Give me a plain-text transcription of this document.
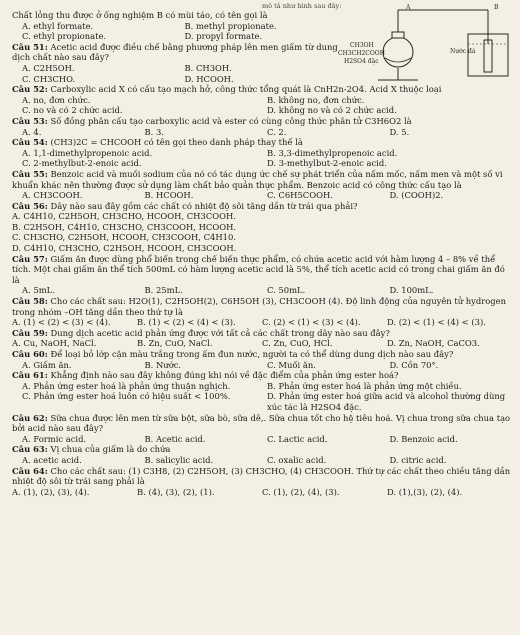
mô tả như hình sau đây:	A	B
CH3OH
CH3CH2COOH
H2SO4 đặc
Nước đá
Chất lỏng thu được ở ống nghiệm B có mùi táo, có tên gọi là
A. ethyl formate.	B. methyl propionate.
C. ethyl propionate.	D. propyl formate.
Câu 51: Acetic acid được điều chế bằng phương pháp lên men giấm từ dung dịch chất nào sau đây?
A. C2H5OH.	B. CH3OH.
C. CH3CHO.	D. HCOOH.
Câu 52: Carboxylic acid X có cấu tạo mạch hở, công thức tổng quát là CnH2n-2O4. Acid X thuộc loại
A. no, đơn chức.	B. không no, đơn chức.
C. no và có 2 chức acid.	D. không no và có 2 chức acid.
Câu 53: Số đồng phân cấu tạo carboxylic acid và ester có cùng công thức phân tử C3H6O2 là
A. 4.	B. 3.	C. 2.	D. 5.
Câu 54: (CH3)2C = CHCOOH có tên gọi theo danh pháp thay thế là
A. 1,1-dimethylpropenoic acid.	B. 3,3-dimethylpropenoic acid.
C. 2-methylbut-2-enoic acid.	D. 3-methylbut-2-enoic acid.
Câu 55: Benzoic acid và muối sodium của nó có tác dụng ức chế sự phát triển của nấm mốc, nấm men và một số vi khuẩn khác nên thường được sử dụng làm chất bảo quản thực phẩm. Benzoic acid có công thức cấu tạo là
A. CH3COOH.	B. HCOOH.	C. C6H5COOH.	D. (COOH)2.
Câu 56: Dãy nào sau đây gồm các chất có nhiệt độ sôi tăng dần từ trái qua phải?
A. C4H10, C2H5OH, CH3CHO, HCOOH, CH3COOH.
B. C2H5OH, C4H10, CH3CHO, CH3COOH, HCOOH.
C. CH3CHO, C2H5OH, HCOOH, CH3COOH, C4H10.
D. C4H10, CH3CHO, C2H5OH, HCOOH, CH3COOH.
Câu 57: Giấm ăn được dùng phổ biến trong chế biến thực phẩm, có chứa acetic acid với hàm lượng 4 – 8% về thể tích. Một chai giấm ăn thể tích 500mL có hàm lượng acetic acid là 5%, thể tích acetic acid có trong chai giấm ăn đó là
A. 5mL.	B. 25mL.	C. 50mL.	D. 100mL.
Câu 58: Cho các chất sau: H2O(1), C2H5OH(2), C6H5OH (3), CH3COOH (4). Độ linh động của nguyên tử hydrogen trong nhóm –OH tăng dần theo thứ tự là
A. (1) < (2) < (3) < (4).	B. (1) < (2) < (4) < (3).	C. (2) < (1) < (3) < (4).	D. (2) < (1) < (4) < (3).
Câu 59: Dung dịch acetic acid phản ứng được với tất cả các chất trong dãy nào sau đây?
A. Cu, NaOH, NaCl.	B. Zn, CuO, NaCl.	C. Zn, CuO, HCl.	D. Zn, NaOH, CaCO3.
Câu 60: Để loại bỏ lớp cặn màu trắng trong ấm đun nước, người ta có thể dùng dung dịch nào sau đây?
A. Giấm ăn.	B. Nước.	C. Muối ăn.	D. Cồn 70°.
Câu 61: Khẳng định nào sau đây không đúng khi nói về đặc điểm của phản ứng ester hoá?
A. Phản ứng ester hoá là phản ứng thuận nghịch.	B. Phản ứng ester hoá là phản ứng một chiều.
C. Phản ứng ester hoá luôn có hiệu suất < 100%.	D. Phản ứng ester hoá giữa acid và alcohol thường dùng xúc tác là H2SO4 đặc.
Câu 62: Sữa chua được lên men từ sữa bột, sữa bò, sữa dê,. Sữa chua tốt cho hệ tiêu hoá. Vị chua trong sữa chua tạo bởi acid nào sau đây?
A. Formic acid.	B. Acetic acid.	C. Lactic acid.	D. Benzoic acid.
Câu 63: Vị chua của giấm là do chứa
A. acetic acid.	B. salicylic acid.	C. oxalic acid.	D. citric acid.
Câu 64: Cho các chất sau: (1) C3H8, (2) C2H5OH, (3) CH3CHO, (4) CH3COOH. Thứ tự các chất theo chiều tăng dần nhiệt độ sôi từ trái sang phải là
A. (1), (2), (3), (4).	B. (4), (3), (2), (1).	C. (1), (2), (4), (3).	D. (1),(3), (2), (4).
